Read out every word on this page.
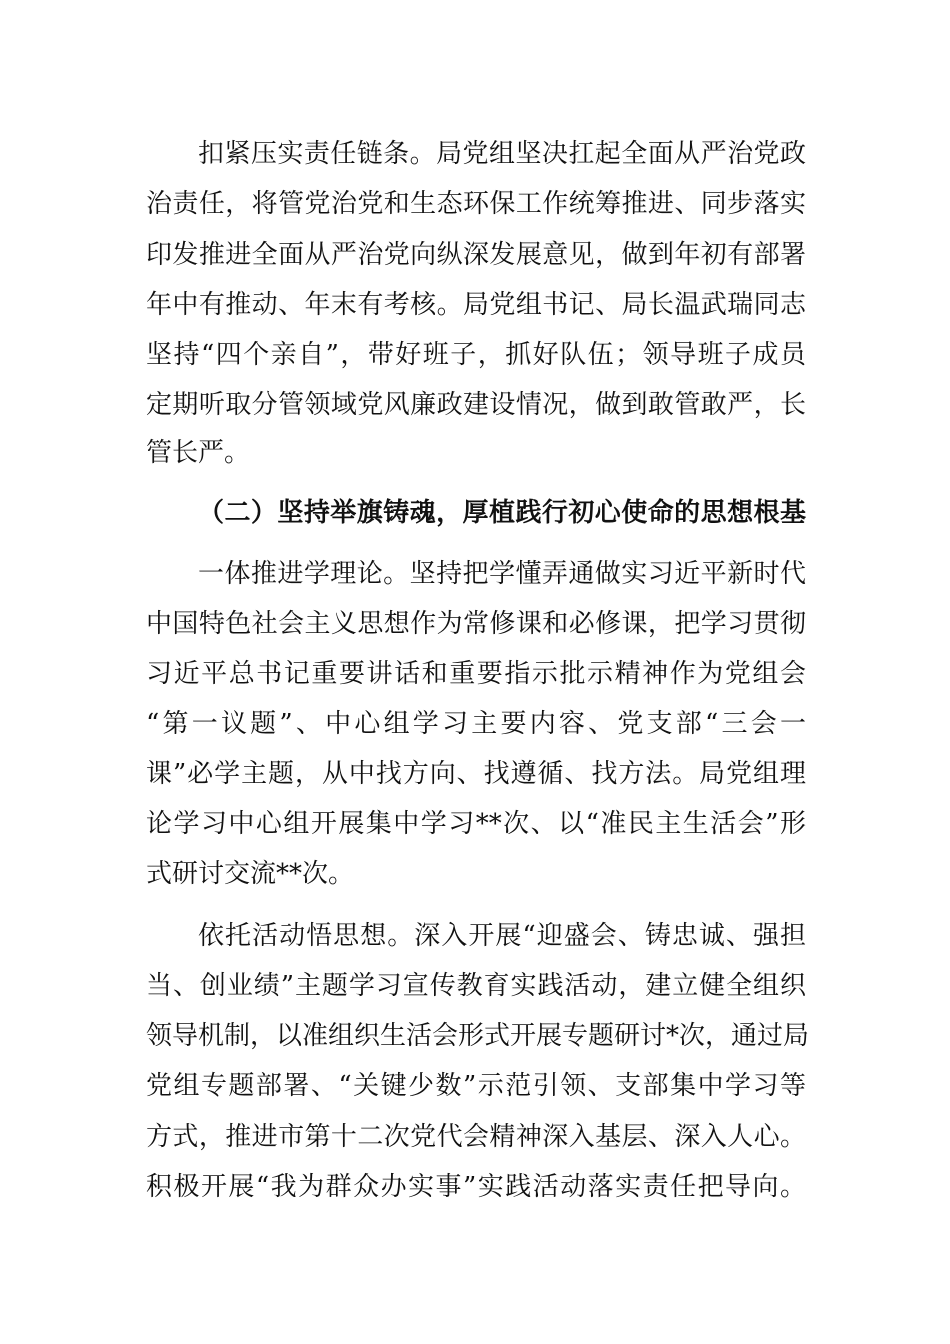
扣紧压实责任链条。局党组坚决扛起全面从严治党政
治责任，将管党治党和生态环保工作统筹推进、同步落实
印发推进全面从严治党向纵深发展意见，做到年初有部署
年中有推动、年末有考核。局党组书记、局长温武瑞同志
坚持“四个亲自”，带好班子，抓好队伍；领导班子成员
定期听取分管领域党风廉政建设情况，做到敢管敢严，长
管长严。
（二）坚持举旗铸魂，厚植践行初心使命的思想根基
一体推进学理论。坚持把学懂弄通做实习近平新时代
中国特色社会主义思想作为常修课和必修课，把学习贯彻
习近平总书记重要讲话和重要指示批示精神作为党组会
“第一议题”、中心组学习主要内容、党支部“三会一
课”必学主题，从中找方向、找遵循、找方法。局党组理
论学习中心组开展集中学习**次、以“准民主生活会”形
式研讨交流**次。
依托活动悟思想。深入开展“迎盛会、铸忠诚、强担
当、创业绩”主题学习宣传教育实践活动，建立健全组织
领导机制，以准组织生活会形式开展专题研讨*次，通过局
党组专题部署、“关键少数”示范引领、支部集中学习等
方式，推进市第十二次党代会精神深入基层、深入人心。
积极开展“我为群众办实事”实践活动落实责任把导向。
